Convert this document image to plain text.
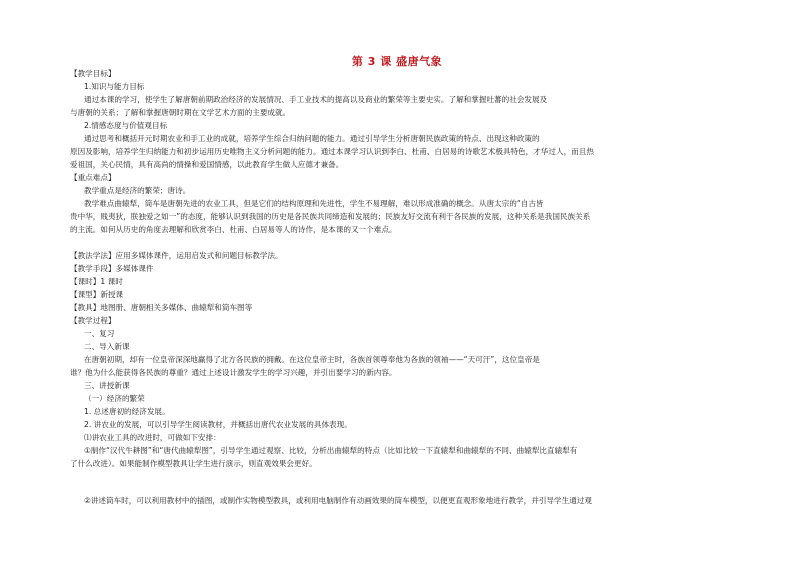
第 3 课 盛唐气象
【教学目标】
1.知识与能力目标
通过本课的学习，使学生了解唐朝前期政治经济的发展情况、手工业技术的提高以及商业的繁荣等主要史实。了解和掌握吐蕃的社会发展及
与唐朝的关系；了解和掌握唐朝时期在文学艺术方面的主要成就。
2.情感态度与价值观目标
通过思考和概括开元时期农业和手工业的成就，培养学生综合归纳问题的能力。通过引导学生分析唐朝民族政策的特点、出现这种政策的
原因及影响，培养学生归纳能力和初步运用历史唯物主义分析问题的能力。通过本课学习认识到李白、杜甫、白居易的诗歌艺术极具特色，才华过人，而且热
爱祖国，关心民情，具有高尚的情操和爱国情感，以此教育学生做人应德才兼备。
【重点难点】
教学重点是经济的繁荣；唐诗。
教学难点曲辕犁，筒车是唐朝先进的农业工具，但是它们的结构原理和先进性，学生不易理解，难以形成准确的概念。从唐太宗的“自古皆
贵中华，贱夷狄，朕独爱之如一”的态度，能够认识到我国的历史是各民族共同缔造和发展的；民族友好交流有利于各民族的发展，这种关系是我国民族关系
的主流。如何从历史的角度去理解和欣赏李白、杜甫、白居易等人的诗作，是本课的又一个难点。
【教法学法】应用多媒体课件，运用启发式和问题目标教学法。
【教学手段】多媒体课件
【课时】1 课时
【课型】新授课
【教具】地图册、唐朝相关多媒体、曲辕犁和筒车图等
【教学过程】
一、复习
二、导入新课
在唐朝初期，却有一位皇帝深深地赢得了北方各民族的拥戴。在这位皇帝主时，各族首领尊奉他为各族的领袖——“天可汗”，这位皇帝是
谁？他为什么能获得各民族的尊重？通过上述设计激发学生的学习兴趣，并引出要学习的新内容。
三、讲授新课
（一）经济的繁荣
1. 总述唐初的经济发展。
2. 讲农业的发展，可以引导学生阅读教材，并概括出唐代农业发展的具体表现。
⑴讲农业工具的改进时，可做如下安排：
①制作“汉代牛耕图”和“唐代曲辕犁图”，引导学生通过观察、比较，分析出曲辕犁的特点（比如比较一下直辕犁和曲辕犁的不同、曲辕犁比直辕犁有
了什么改进）。如果能制作模型教具让学生进行演示，则直观效果会更好。
②讲述筒车时，可以利用教材中的插图，或制作实物模型教具，或利用电脑制作有动画效果的筒车模型，以便更直观形象地进行教学，并引导学生通过观
